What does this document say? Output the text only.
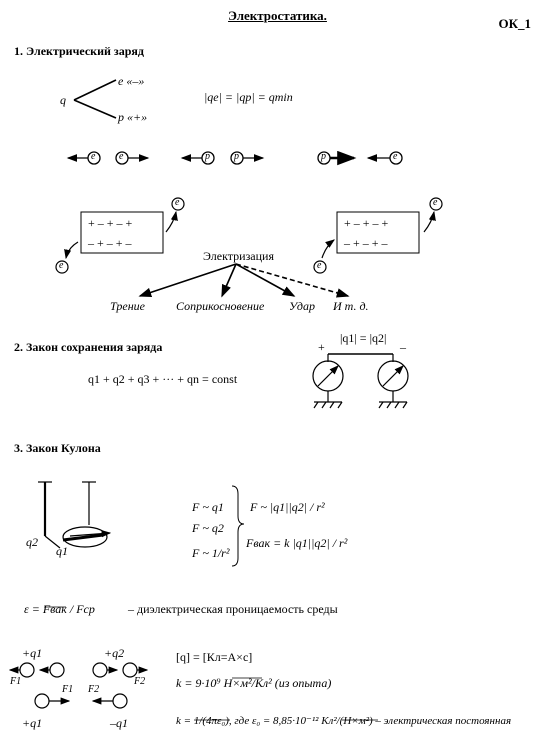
Электростатика.
ОК_1
1. Электрический заряд
2. Закон сохранения заряда
3. Закон Кулона
q
e «–»
p «+»
|qe| = |qp| = qmin
e e	p p	p	e
e
e
e
e
+ – + – +
– + – + –
+ – + – +
– + – + –
Электризация
Трение	Соприкосновение Удар И т. д.
q1 + q2 + q3 + ··· + qn = const
|q1| = |q2|
+	–
q2
q1
F ~ q1
F ~ q2
F ~ 1/r²
F ~ |q1||q2| / r²
Fвак = k |q1||q2| / r²
ε = Fвак / Fср	– диэлектрическая проницаемость среды
[q] = [Кл=А×с]
k = 9·10⁹ Н×м²/Кл² (из опыта)
k = 1/(4πε₀), где ε₀ = 8,85·10⁻¹² Кл²/(Н×м²) – электрическая постоянная
+q1	+q2
+q1	–q1
F1
F1 F2
F2
